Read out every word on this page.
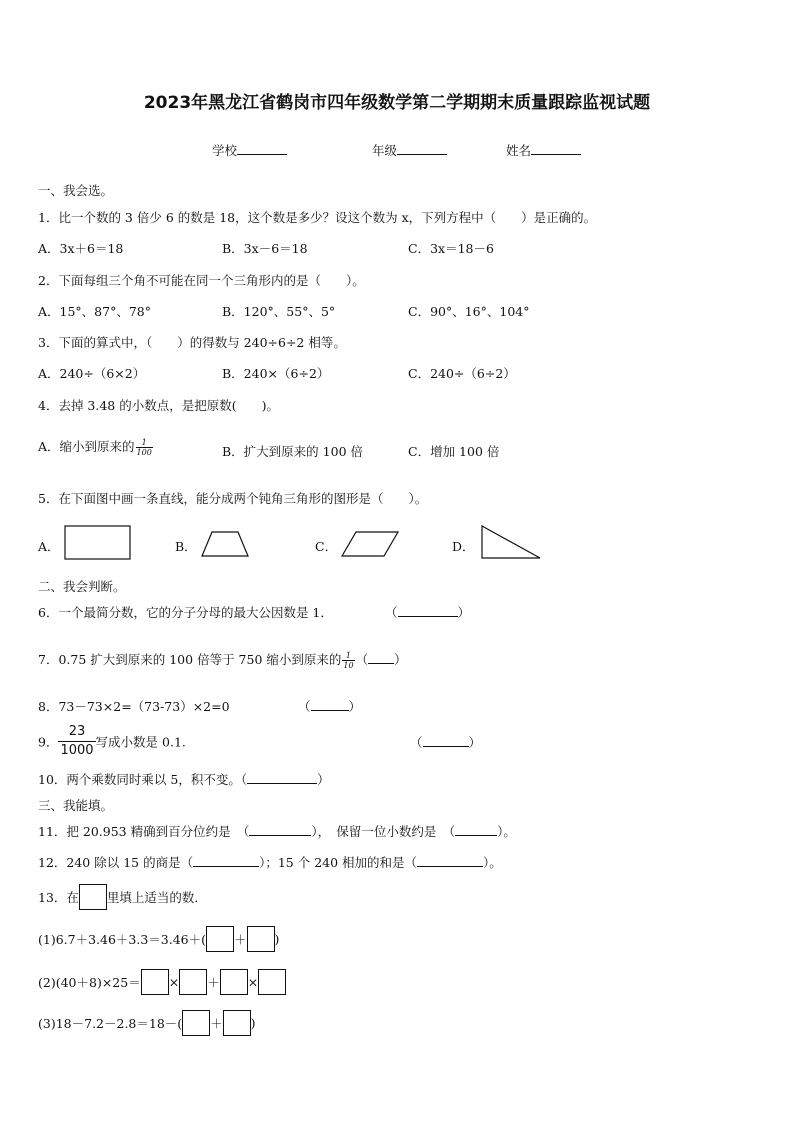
2023年黑龙江省鹤岗市四年级数学第二学期期末质量跟踪监视试题
学校	年级	姓名
一、我会选。
1．比一个数的 3 倍少 6 的数是 18，这个数是多少？设这个数为 x，下列方程中（　　）是正确的。
A．3x＋6＝18	B．3x－6＝18	C．3x＝18－6
2．下面每组三个角不可能在同一个三角形内的是（　　）。
A．15°、87°、78°	B．120°、55°、5°	C．90°、16°、104°
3．下面的算式中，（　　）的得数与 240÷6÷2 相等。
A．240÷（6×2）	B．240×（6÷2）	C．240÷（6÷2）
4．去掉 3.48 的小数点，是把原数(　　)。
A．缩小到原来的 $\frac{1}{100}$	B．扩大到原来的 100 倍	C．增加 100 倍
5．在下面图中画一条直线，能分成两个钝角三角形的图形是（　　）。
A．	B．	C．	D．
二、我会判断。
6．一个最简分数，它的分子分母的最大公因数是 1．	（	）
7．0.75 扩大到原来的 100 倍等于 750 缩小到原来的 $\frac{1}{10}$ （ ）
8．73－73×2=（73-73）×2=0	（	）
9． $\frac{23}{1000}$ 写成小数是 0.1.	（	）
10．两个乘数同时乘以 5，积不变。（	）
三、我能填。
11．把 20.953 精确到百分位约是　（	），　保留一位小数约是　（	）。
12．240 除以 15 的商是（	）；15 个 240 相加的和是（	）。
13．在 里填上适当的数．
(1)6.7＋3.46＋3.3＝3.46＋( ＋ )
(2)(40＋8)×25＝ × ＋ ×
(3)18－7.2－2.8＝18－( ＋ )
